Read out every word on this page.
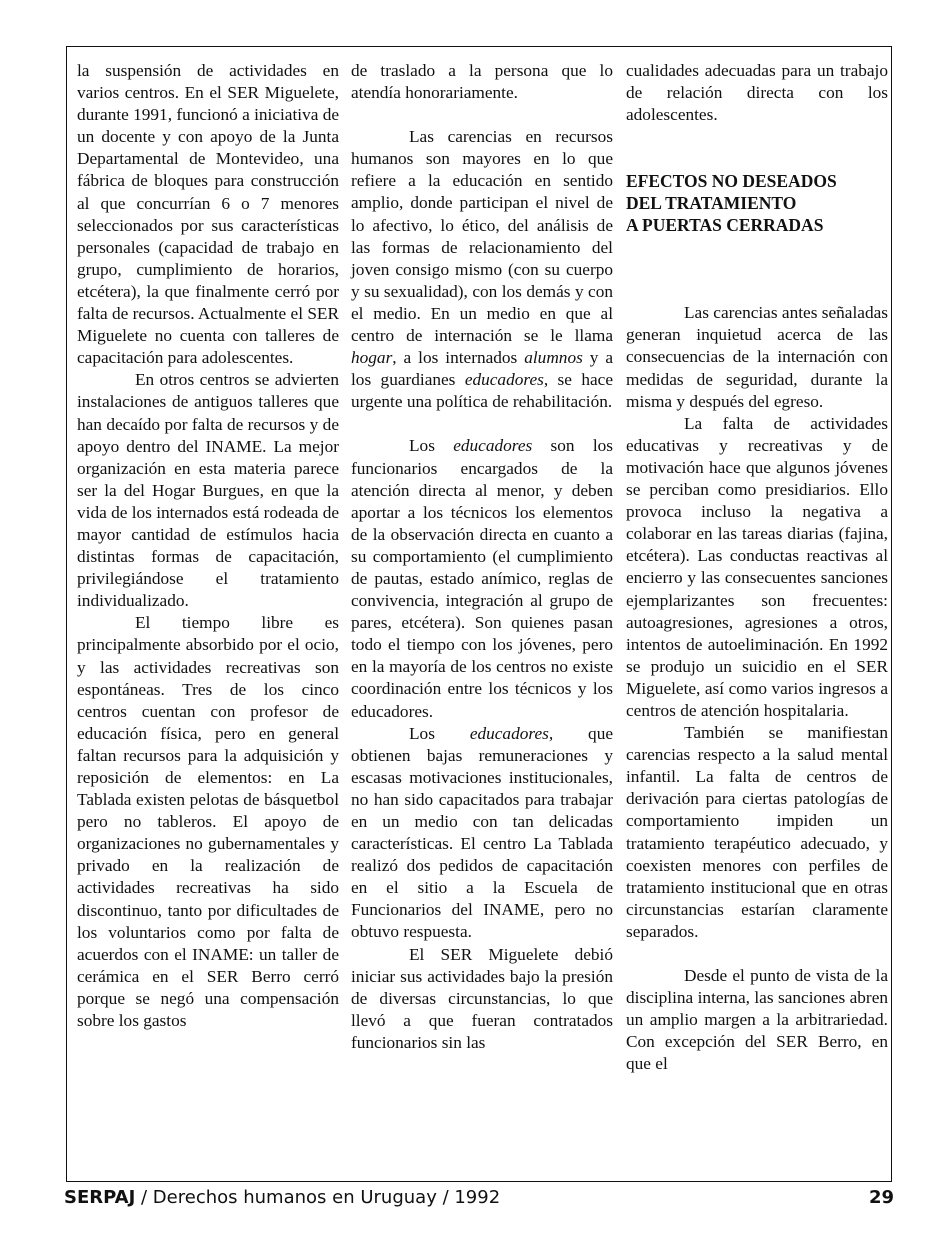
la suspensión de actividades en varios centros. En el SER Miguelete, durante 1991, funcionó a iniciativa de un docente y con apoyo de la Junta Departamental de Montevideo, una fábrica de bloques para construcción al que concurrían 6 o 7 menores seleccionados por sus características personales (capacidad de trabajo en grupo, cumplimiento de horarios, etcétera), la que finalmente cerró por falta de recursos. Actualmente el SER Miguelete no cuenta con talleres de capacitación para adolescentes.

En otros centros se advierten instalaciones de antiguos talleres que han decaído por falta de recursos y de apoyo dentro del INAME. La mejor organización en esta materia parece ser la del Hogar Burgues, en que la vida de los internados está rodeada de mayor cantidad de estímulos hacia distintas formas de capacitación, privilegiándose el tratamiento individualizado.

El tiempo libre es principalmente absorbido por el ocio, y las actividades recreativas son espontáneas. Tres de los cinco centros cuentan con profesor de educación física, pero en general faltan recursos para la adquisición y reposición de elementos: en La Tablada existen pelotas de básquetbol pero no tableros. El apoyo de organizaciones no gubernamentales y privado en la realización de actividades recreativas ha sido discontinuo, tanto por dificultades de los voluntarios como por falta de acuerdos con el INAME: un taller de cerámica en el SER Berro cerró porque se negó una compensación sobre los gastos

de traslado a la persona que lo atendía honorariamente.

Las carencias en recursos humanos son mayores en lo que refiere a la educación en sentido amplio, donde participan el nivel de lo afectivo, lo ético, del análisis de las formas de relacionamiento del joven consigo mismo (con su cuerpo y su sexualidad), con los demás y con el medio. En un medio en que al centro de internación se le llama hogar, a los internados alumnos y a los guardianes educadores, se hace urgente una política de rehabilitación.

Los educadores son los funcionarios encargados de la atención directa al menor, y deben aportar a los técnicos los elementos de la observación directa en cuanto a su comportamiento (el cumplimiento de pautas, estado anímico, reglas de convivencia, integración al grupo de pares, etcétera). Son quienes pasan todo el tiempo con los jóvenes, pero en la mayoría de los centros no existe coordinación entre los técnicos y los educadores.

Los educadores, que obtienen bajas remuneraciones y escasas motivaciones institucionales, no han sido capacitados para trabajar en un medio con tan delicadas características. El centro La Tablada realizó dos pedidos de capacitación en el sitio a la Escuela de Funcionarios del INAME, pero no obtuvo respuesta.

El SER Miguelete debió iniciar sus actividades bajo la presión de diversas circunstancias, lo que llevó a que fueran contratados funcionarios sin las

cualidades adecuadas para un trabajo de relación directa con los adolescentes.

EFECTOS NO DESEADOS
DEL TRATAMIENTO
A PUERTAS CERRADAS

Las carencias antes señaladas generan inquietud acerca de las consecuencias de la internación con medidas de seguridad, durante la misma y después del egreso.

La falta de actividades educativas y recreativas y de motivación hace que algunos jóvenes se perciban como presidiarios. Ello provoca incluso la negativa a colaborar en las tareas diarias (fajina, etcétera). Las conductas reactivas al encierro y las consecuentes sanciones ejemplarizantes son frecuentes: autoagresiones, agresiones a otros, intentos de autoeliminación. En 1992 se produjo un suicidio en el SER Miguelete, así como varios ingresos a centros de atención hospitalaria.

También se manifiestan carencias respecto a la salud mental infantil. La falta de centros de derivación para ciertas patologías de comportamiento impiden un tratamiento terapéutico adecuado, y coexisten menores con perfiles de tratamiento institucional que en otras circunstancias estarían claramente separados.

Desde el punto de vista de la disciplina interna, las sanciones abren un amplio margen a la arbitrariedad. Con excepción del SER Berro, en que el

SERPAJ / Derechos humanos en Uruguay / 1992	29
